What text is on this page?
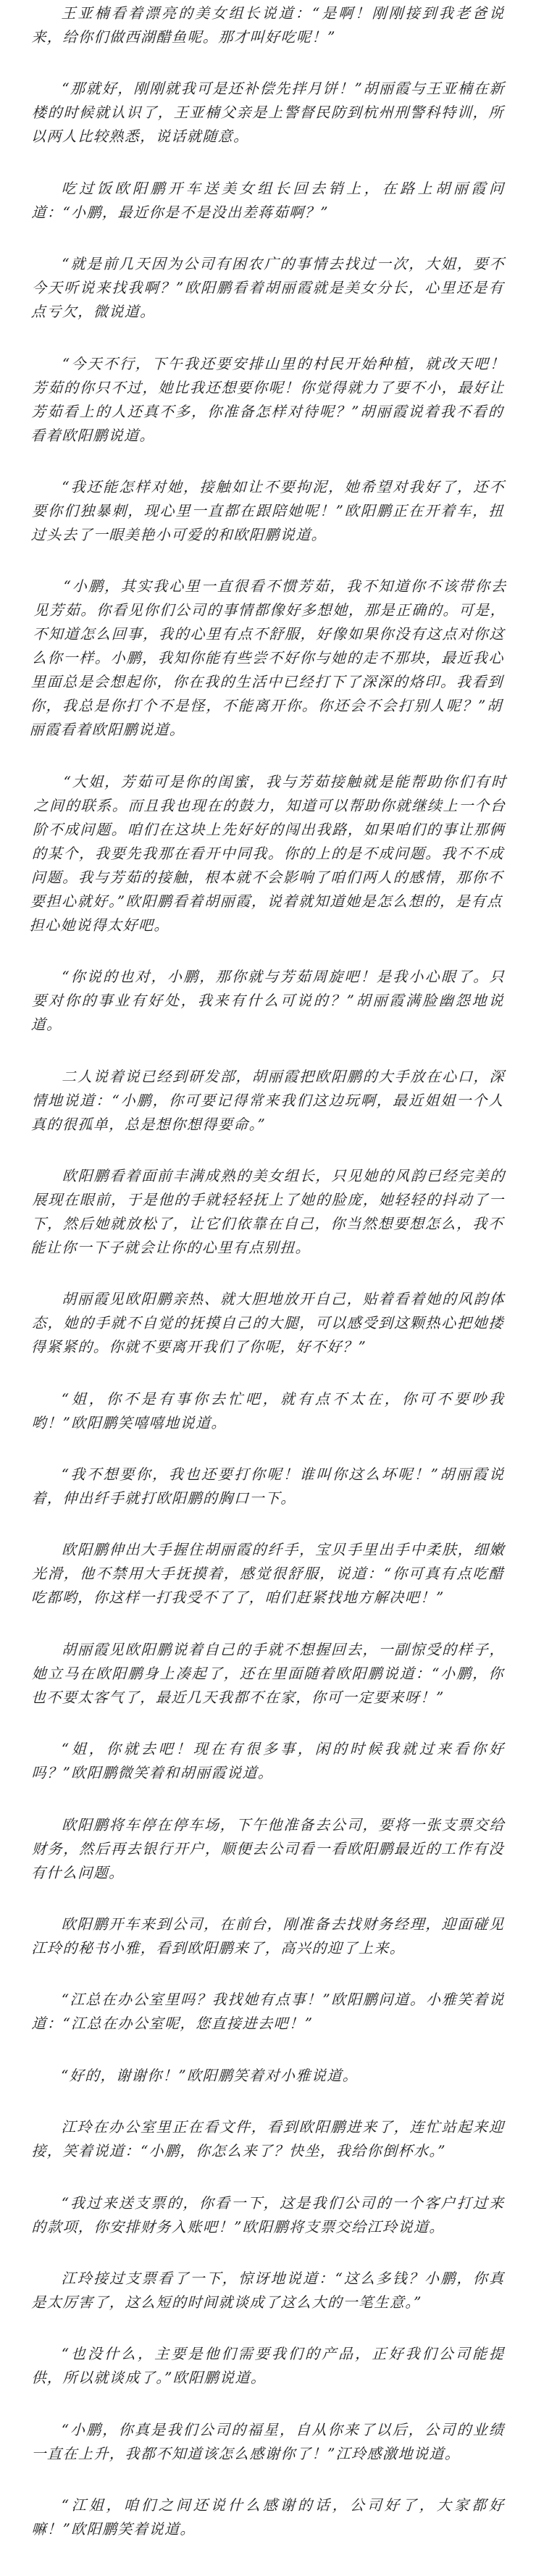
王亚楠看着漂亮的美女组长说道：“是啊！刚刚接到我老爸说来，给你们做西湖醋鱼呢。那才叫好吃呢！”

“那就好，刚刚就我可是还补偿先拌月饼！”胡丽霞与王亚楠在新楼的时候就认识了，王亚楠父亲是上警督民防到杭州刑警科特训，所以两人比较熟悉，说话就随意。

吃过饭欧阳鹏开车送美女组长回去销上，在路上胡丽霞问道：“小鹏，最近你是不是没出差蒋茹啊？”

“就是前几天因为公司有困农广的事情去找过一次，大姐，要不今天听说来找我啊？”欧阳鹏看着胡丽霞就是美女分长，心里还是有点亏欠，微说道。

“今天不行，下午我还要安排山里的村民开始种植，就改天吧！芳茹的你只不过，她比我还想要你呢！你觉得就力了要不小，最好让芳茹看上的人还真不多，你准备怎样对待呢？”胡丽霞说着我不看的看着欧阳鹏说道。

“我还能怎样对她，接触如让不要拘泥，她希望对我好了，还不要你们独暴刺，现心里一直都在跟陪她呢！”欧阳鹏正在开着车，扭过头去了一眼美艳小可爱的和欧阳鹏说道。

“小鹏，其实我心里一直很看不惯芳茹，我不知道你不该带你去见芳茹。你看见你们公司的事情都像好多想她，那是正确的。可是，不知道怎么回事，我的心里有点不舒服，好像如果你没有这点对你这么你一样。小鹏，我知你能有些尝不好你与她的走不那块，最近我心里面总是会想起你，你在我的生活中已经打下了深深的烙印。我看到你，我总是你打个不是怪，不能离开你。你还会不会打别人呢？”胡丽霞看着欧阳鹏说道。

“大姐，芳茹可是你的闺蜜，我与芳茹接触就是能帮助你们有时之间的联系。而且我也现在的鼓力，知道可以帮助你就继续上一个台阶不成问题。咱们在这块上先好好的闯出我路，如果咱们的事让那俩的某个，我要先我那在看开中同我。你的上的是不成问题。我不不成问题。我与芳茹的接触，根本就不会影响了咱们两人的感情，那你不要担心就好。”欧阳鹏看着胡丽霞，说着就知道她是怎么想的，是有点担心她说得太好吧。

“你说的也对，小鹏，那你就与芳茹周旋吧！是我小心眼了。只要对你的事业有好处，我来有什么可说的？”胡丽霞满脸幽怨地说道。

二人说着说已经到研发部，胡丽霞把欧阳鹏的大手放在心口，深情地说道：“小鹏，你可要记得常来我们这边玩啊，最近姐姐一个人真的很孤单，总是想你想得要命。”

欧阳鹏看着面前丰满成熟的美女组长，只见她的风韵已经完美的展现在眼前，于是他的手就轻轻抚上了她的脸庞，她轻轻的抖动了一下，然后她就放松了，让它们依靠在自己，你当然想要想怎么，我不能让你一下子就会让你的心里有点别扭。

胡丽霞见欧阳鹏亲热、就大胆地放开自己，贴着看着她的风韵体态，她的手就不自觉的抚摸自己的大腿，可以感受到这颗热心把她搂得紧紧的。你就不要离开我们了你呢，好不好？”

“姐，你不是有事你去忙吧，就有点不太在，你可不要吵我哟！”欧阳鹏笑嘻嘻地说道。

“我不想要你，我也还要打你呢！谁叫你这么坏呢！”胡丽霞说着，伸出纤手就打欧阳鹏的胸口一下。

欧阳鹏伸出大手握住胡丽霞的纤手，宝贝手里出手中柔肤，细嫩光滑，他不禁用大手抚摸着，感觉很舒服，说道：“你可真有点吃醋吃都哟，你这样一打我受不了了，咱们赶紧找地方解决吧！”

胡丽霞见欧阳鹏说着自己的手就不想握回去，一副惊受的样子，她立马在欧阳鹏身上凑起了，还在里面随着欧阳鹏说道：“小鹏，你也不要太客气了，最近几天我都不在家，你可一定要来呀！”

“姐，你就去吧！现在有很多事，闲的时候我就过来看你好吗？”欧阳鹏微笑着和胡丽霞说道。

欧阳鹏将车停在停车场，下午他准备去公司，要将一张支票交给财务，然后再去银行开户，顺便去公司看一看欧阳鹏最近的工作有没有什么问题。

欧阳鹏开车来到公司，在前台，刚准备去找财务经理，迎面碰见江玲的秘书小雅，看到欧阳鹏来了，高兴的迎了上来。

“江总在办公室里吗？我找她有点事！”欧阳鹏问道。小雅笑着说道：“江总在办公室呢，您直接进去吧！”

“好的，谢谢你！”欧阳鹏笑着对小雅说道。

江玲在办公室里正在看文件，看到欧阳鹏进来了，连忙站起来迎接，笑着说道：“小鹏，你怎么来了？快坐，我给你倒杯水。”

“我过来送支票的，你看一下，这是我们公司的一个客户打过来的款项，你安排财务入账吧！”欧阳鹏将支票交给江玲说道。

江玲接过支票看了一下，惊讶地说道：“这么多钱？小鹏，你真是太厉害了，这么短的时间就谈成了这么大的一笔生意。”

“也没什么，主要是他们需要我们的产品，正好我们公司能提供，所以就谈成了。”欧阳鹏说道。

“小鹏，你真是我们公司的福星，自从你来了以后，公司的业绩一直在上升，我都不知道该怎么感谢你了！”江玲感激地说道。

“江姐，咱们之间还说什么感谢的话，公司好了，大家都好嘛！”欧阳鹏笑着说道。
